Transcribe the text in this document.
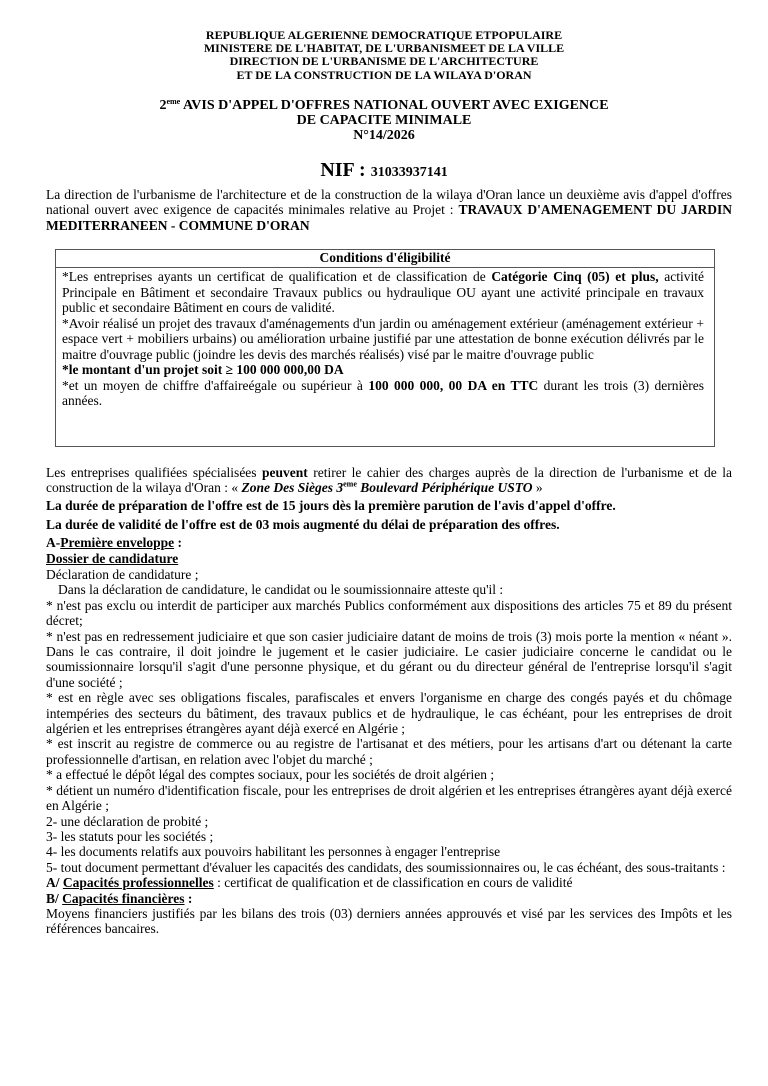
REPUBLIQUE ALGERIENNE DEMOCRATIQUE ETPOPULAIRE
MINISTERE DE L'HABITAT, DE L'URBANISMEET DE LA VILLE
DIRECTION DE L'URBANISME DE L'ARCHITECTURE
ET DE LA CONSTRUCTION DE LA WILAYA D'ORAN
2eme AVIS D'APPEL D'OFFRES NATIONAL OUVERT AVEC EXIGENCE
DE CAPACITE MINIMALE
N°14/2026
NIF : 31033937141

La direction de l'urbanisme de l'architecture et de la construction de la wilaya d'Oran lance un deuxième avis d'appel d'offres national ouvert avec exigence de capacités minimales relative au Projet : TRAVAUX D'AMENAGEMENT DU JARDIN MEDITERRANEEN - COMMUNE D'ORAN

Conditions d'éligibilité

*Les entreprises ayants un certificat de qualification et de classification de Catégorie Cinq (05) et plus, activité Principale en Bâtiment et secondaire Travaux publics ou hydraulique OU ayant une activité principale en travaux public et secondaire Bâtiment en cours de validité.

*Avoir réalisé un projet des travaux d'aménagements d'un jardin ou aménagement extérieur (aménagement extérieur + espace vert + mobiliers urbains) ou amélioration urbaine justifié par une attestation de bonne exécution délivrés par le maitre d'ouvrage public (joindre les devis des marchés réalisés) visé par le maitre d'ouvrage public

*le montant d'un projet soit ≥ 100 000 000,00 DA

*et un moyen de chiffre d'affaireégale ou supérieur à 100 000 000, 00 DA en TTC durant les trois (3) dernières années.

Les entreprises qualifiées spécialisées peuvent retirer le cahier des charges auprès de la direction de l'urbanisme et de la construction de la wilaya d'Oran : « Zone Des Sièges 3eme Boulevard Périphérique USTO »

La durée de préparation de l'offre est de 15 jours dès la première parution de l'avis d'appel d'offre.
La durée de validité de l'offre est de 03 mois augmenté du délai de préparation des offres.
A-Première enveloppe :
Dossier de candidature

Déclaration de candidature ;

Dans la déclaration de candidature, le candidat ou le soumissionnaire atteste qu'il :

* n'est pas exclu ou interdit de participer aux marchés Publics conformément aux dispositions des articles 75 et 89 du présent décret;

* n'est pas en redressement judiciaire et que son casier judiciaire datant de moins de trois (3) mois porte la mention « néant ». Dans le cas contraire, il doit joindre le jugement et le casier judiciaire. Le casier judiciaire concerne le candidat ou le soumissionnaire lorsqu'il s'agit d'une personne physique, et du gérant ou du directeur général de l'entreprise lorsqu'il s'agit d'une société ;

* est en règle avec ses obligations fiscales, parafiscales et envers l'organisme en charge des congés payés et du chômage intempéries des secteurs du bâtiment, des travaux publics et de hydraulique, le cas échéant, pour les entreprises de droit algérien et les entreprises étrangères ayant déjà exercé en Algérie ;

* est inscrit au registre de commerce ou au registre de l'artisanat et des métiers, pour les artisans d'art ou détenant la carte professionnelle d'artisan, en relation avec l'objet du marché ;

* a effectué le dépôt légal des comptes sociaux, pour les sociétés de droit algérien ;

* détient un numéro d'identification fiscale, pour les entreprises de droit algérien et les entreprises étrangères ayant déjà exercé en Algérie ;

2- une déclaration de probité ;

3- les statuts pour les sociétés ;

4- les documents relatifs aux pouvoirs habilitant les personnes à engager l'entreprise

5- tout document permettant d'évaluer les capacités des candidats, des soumissionnaires ou, le cas échéant, des sous-traitants :

A/ Capacités professionnelles : certificat de qualification et de classification en cours de validité

B/ Capacités financières :

Moyens financiers justifiés par les bilans des trois (03) derniers années approuvés et visé par les services des Impôts et les références bancaires.
